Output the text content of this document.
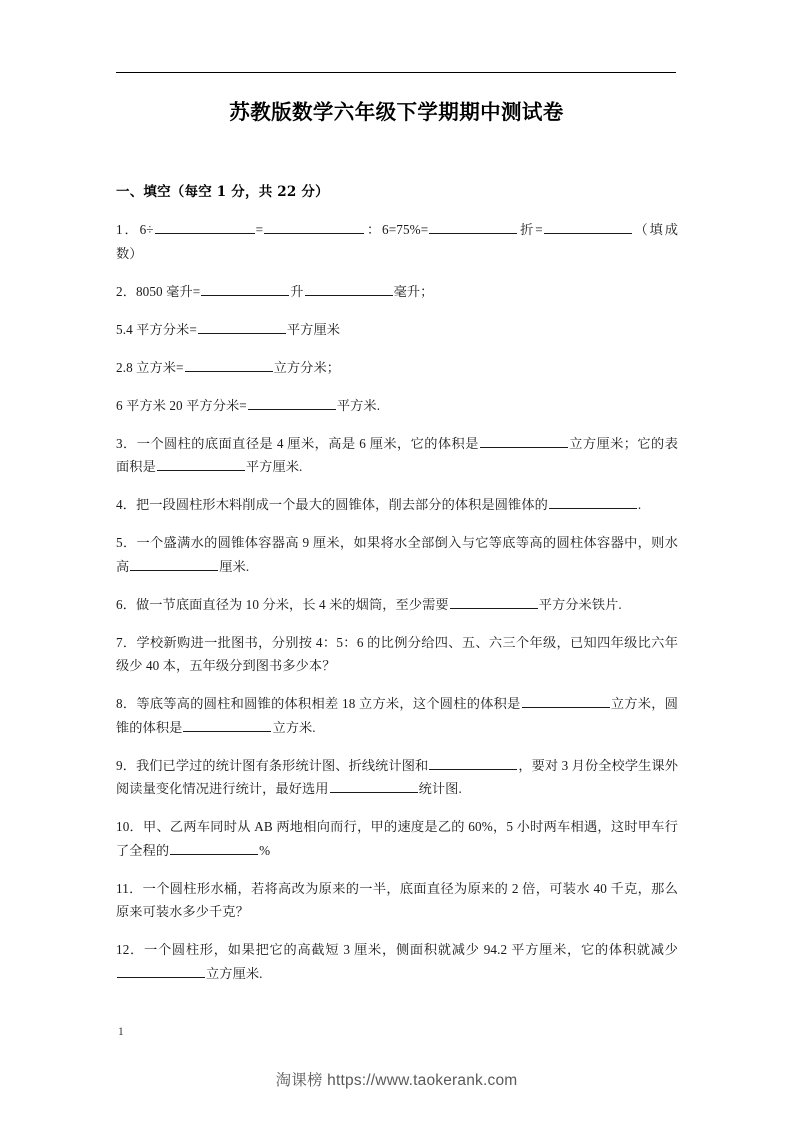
苏教版数学六年级下学期期中测试卷
一、填空（每空 1 分，共 22 分）

1．6÷	=	：6=75%=	折=	（填成数）

2．8050 毫升=	升	毫升；

5.4 平方分米=	平方厘米

2.8 立方米=	立方分米；

6 平方米 20 平方分米=	平方米.

3．一个圆柱的底面直径是 4 厘米，高是 6 厘米，它的体积是	立方厘米；它的表面积是	平方厘米.

4．把一段圆柱形木料削成一个最大的圆锥体，削去部分的体积是圆锥体的	.

5．一个盛满水的圆锥体容器高 9 厘米，如果将水全部倒入与它等底等高的圆柱体容器中，则水高	厘米.

6．做一节底面直径为 10 分米，长 4 米的烟筒，至少需要	平方分米铁片.

7．学校新购进一批图书，分别按 4：5：6 的比例分给四、五、六三个年级，已知四年级比六年级少 40 本，五年级分到图书多少本？

8．等底等高的圆柱和圆锥的体积相差 18 立方米，这个圆柱的体积是	立方米，圆锥的体积是	立方米.

9．我们已学过的统计图有条形统计图、折线统计图和	，要对 3 月份全校学生课外阅读量变化情况进行统计，最好选用	统计图.

10．甲、乙两车同时从 AB 两地相向而行，甲的速度是乙的 60%，5 小时两车相遇，这时甲车行了全程的	%

11．一个圆柱形水桶，若将高改为原来的一半，底面直径为原来的 2 倍，可装水 40 千克，那么原来可装水多少千克？

12．一个圆柱形，如果把它的高截短 3 厘米，侧面积就减少 94.2 平方厘米，它的体积就减少立方厘米.

1
淘课榜 https://www.taokerank.com
